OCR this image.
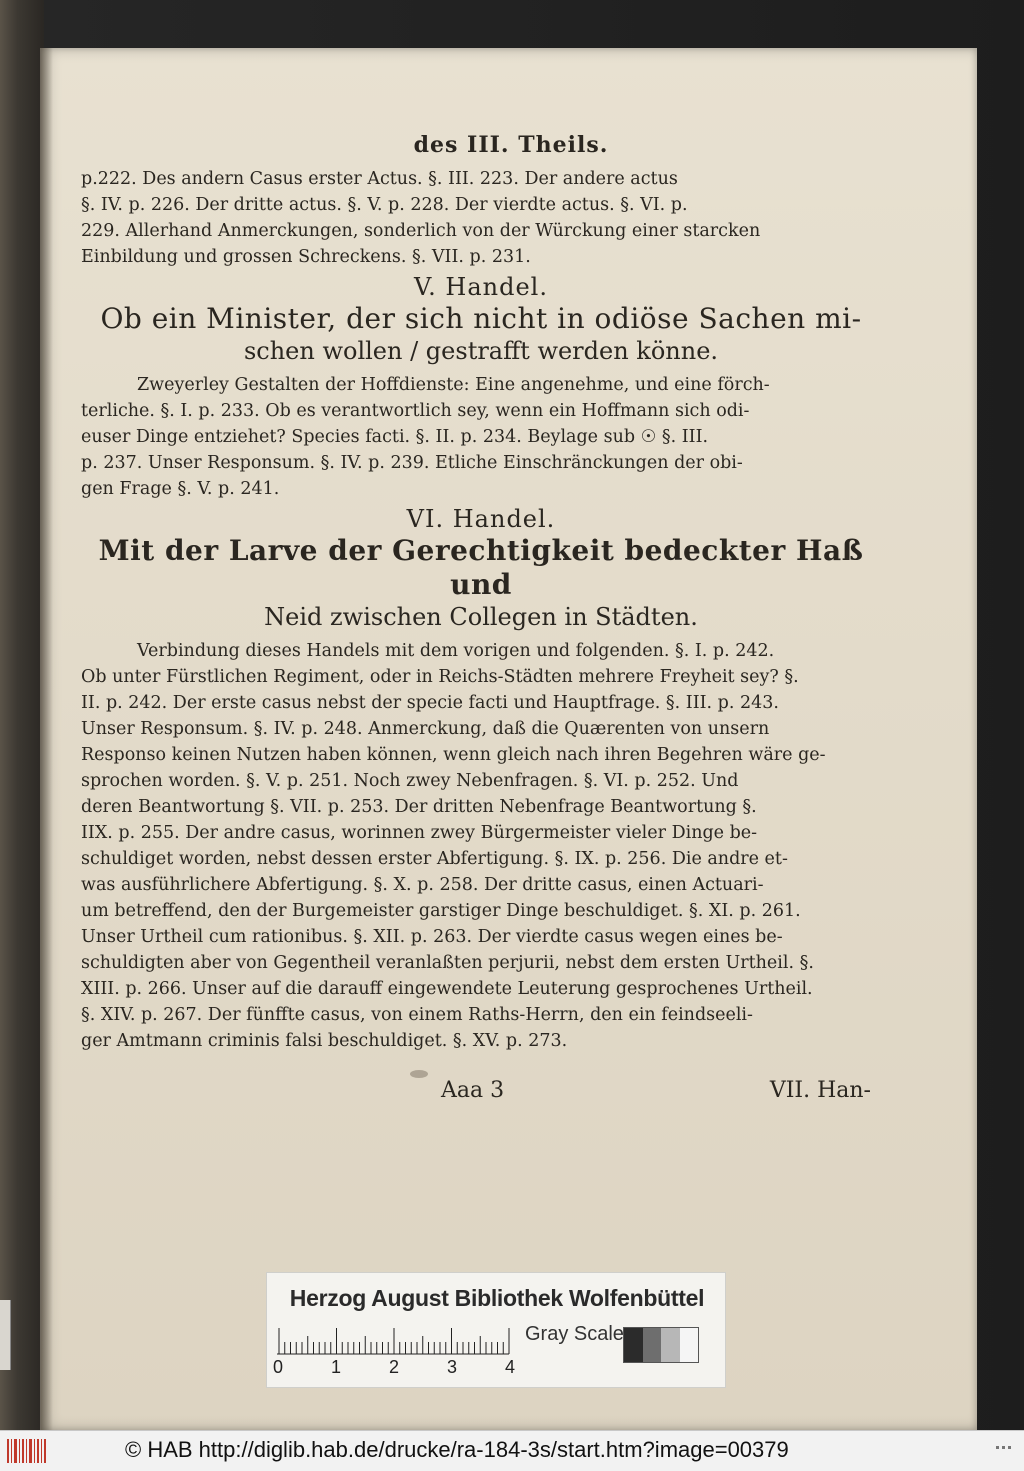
des III. Theils.

p.222. Des andern Casus erster Actus. §. III. 223. Der andere actus

§. IV. p. 226. Der dritte actus. §. V. p. 228. Der vierdte actus. §. VI. p.

229. Allerhand Anmerckungen, sonderlich von der Würckung einer starcken

Einbildung und grossen Schreckens. §. VII. p. 231.

V. Handel.

Ob ein Minister, der sich nicht in odiöse Sachen mi-

schen wollen / gestrafft werden könne.

Zweyerley Gestalten der Hoffdienste: Eine angenehme, und eine förch-

terliche. §. I. p. 233. Ob es verantwortlich sey, wenn ein Hoffmann sich odi-

euser Dinge entziehet? Species facti. §. II. p. 234. Beylage sub ☉ §. III.

p. 237. Unser Responsum. §. IV. p. 239. Etliche Einschränckungen der obi-

gen Frage §. V. p. 241.

VI. Handel.

Mit der Larve der Gerechtigkeit bedeckter Haß und

Neid zwischen Collegen in Städten.

Verbindung dieses Handels mit dem vorigen und folgenden. §. I. p. 242.

Ob unter Fürstlichen Regiment, oder in Reichs-Städten mehrere Freyheit sey? §.

II. p. 242. Der erste casus nebst der specie facti und Hauptfrage. §. III. p. 243.

Unser Responsum. §. IV. p. 248. Anmerckung, daß die Quærenten von unsern

Responso keinen Nutzen haben können, wenn gleich nach ihren Begehren wäre ge-

sprochen worden. §. V. p. 251. Noch zwey Nebenfragen. §. VI. p. 252. Und

deren Beantwortung §. VII. p. 253. Der dritten Nebenfrage Beantwortung §.

IIX. p. 255. Der andre casus, worinnen zwey Bürgermeister vieler Dinge be-

schuldiget worden, nebst dessen erster Abfertigung. §. IX. p. 256. Die andre et-

was ausführlichere Abfertigung. §. X. p. 258. Der dritte casus, einen Actuari-

um betreffend, den der Burgemeister garstiger Dinge beschuldiget. §. XI. p. 261.

Unser Urtheil cum rationibus. §. XII. p. 263. Der vierdte casus wegen eines be-

schuldigten aber von Gegentheil veranlaßten perjurii, nebst dem ersten Urtheil. §.

XIII. p. 266. Unser auf die darauff eingewendete Leuterung gesprochenes Urtheil.

§. XIV. p. 267. Der fünffte casus, von einem Raths-Herrn, den ein feindseeli-

ger Amtmann criminis falsi beschuldiget. §. XV. p. 273.

Aaa 3	VII. Han-
Herzog August Bibliothek Wolfenbüttel
0	1	2	3	4
Gray Scale
© HAB http://diglib.hab.de/drucke/ra-184-3s/start.htm?image=00379
